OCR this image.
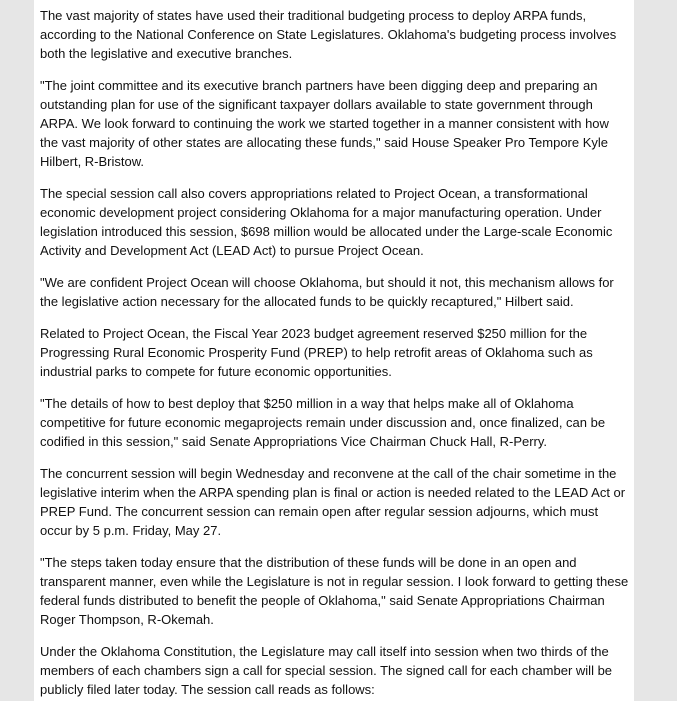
The vast majority of states have used their traditional budgeting process to deploy ARPA funds, according to the National Conference on State Legislatures. Oklahoma's budgeting process involves both the legislative and executive branches.

"The joint committee and its executive branch partners have been digging deep and preparing an outstanding plan for use of the significant taxpayer dollars available to state government through ARPA. We look forward to continuing the work we started together in a manner consistent with how the vast majority of other states are allocating these funds," said House Speaker Pro Tempore Kyle Hilbert, R-Bristow.

The special session call also covers appropriations related to Project Ocean, a transformational economic development project considering Oklahoma for a major manufacturing operation. Under legislation introduced this session, $698 million would be allocated under the Large-scale Economic Activity and Development Act (LEAD Act) to pursue Project Ocean.

"We are confident Project Ocean will choose Oklahoma, but should it not, this mechanism allows for the legislative action necessary for the allocated funds to be quickly recaptured," Hilbert said.

Related to Project Ocean, the Fiscal Year 2023 budget agreement reserved $250 million for the Progressing Rural Economic Prosperity Fund (PREP) to help retrofit areas of Oklahoma such as industrial parks to compete for future economic opportunities.

"The details of how to best deploy that $250 million in a way that helps make all of Oklahoma competitive for future economic megaprojects remain under discussion and, once finalized, can be codified in this session," said Senate Appropriations Vice Chairman Chuck Hall, R-Perry.

The concurrent session will begin Wednesday and reconvene at the call of the chair sometime in the legislative interim when the ARPA spending plan is final or action is needed related to the LEAD Act or PREP Fund. The concurrent session can remain open after regular session adjourns, which must occur by 5 p.m. Friday, May 27.

"The steps taken today ensure that the distribution of these funds will be done in an open and transparent manner, even while the Legislature is not in regular session. I look forward to getting these federal funds distributed to benefit the people of Oklahoma," said Senate Appropriations Chairman Roger Thompson, R-Okemah.

Under the Oklahoma Constitution, the Legislature may call itself into session when two thirds of the members of each chambers sign a call for special session. The signed call for each chamber will be publicly filed later today. The session call reads as follows:
